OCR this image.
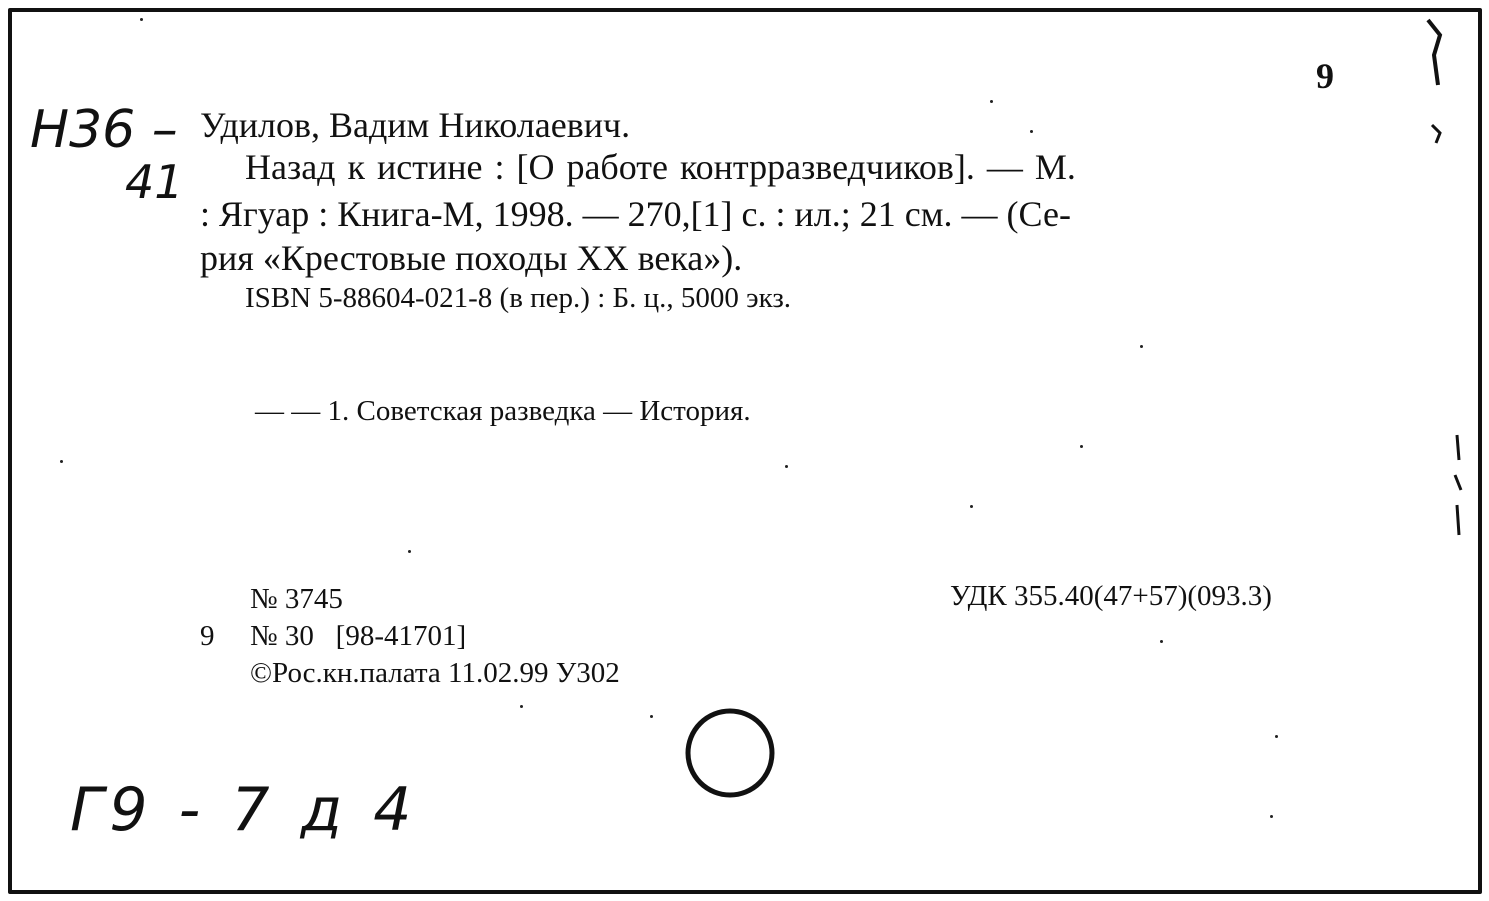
9
Н36 –
41
Удилов, Вадим Николаевич.
Назад к истине : [О работе контрразведчиков]. — М.
: Ягуар : Книга-М, 1998. — 270,[1] с. : ил.; 21 см. — (Се-
рия «Крестовые походы XX века»).
ISBN 5-88604-021-8 (в пер.) : Б. ц., 5000 экз.
— — 1. Советская разведка — История.
№ 3745
9 № 30   [98-41701]
©Рос.кн.палата 11.02.99 У302
УДК 355.40(47+57)(093.3)
Г9 - 7 д 4
